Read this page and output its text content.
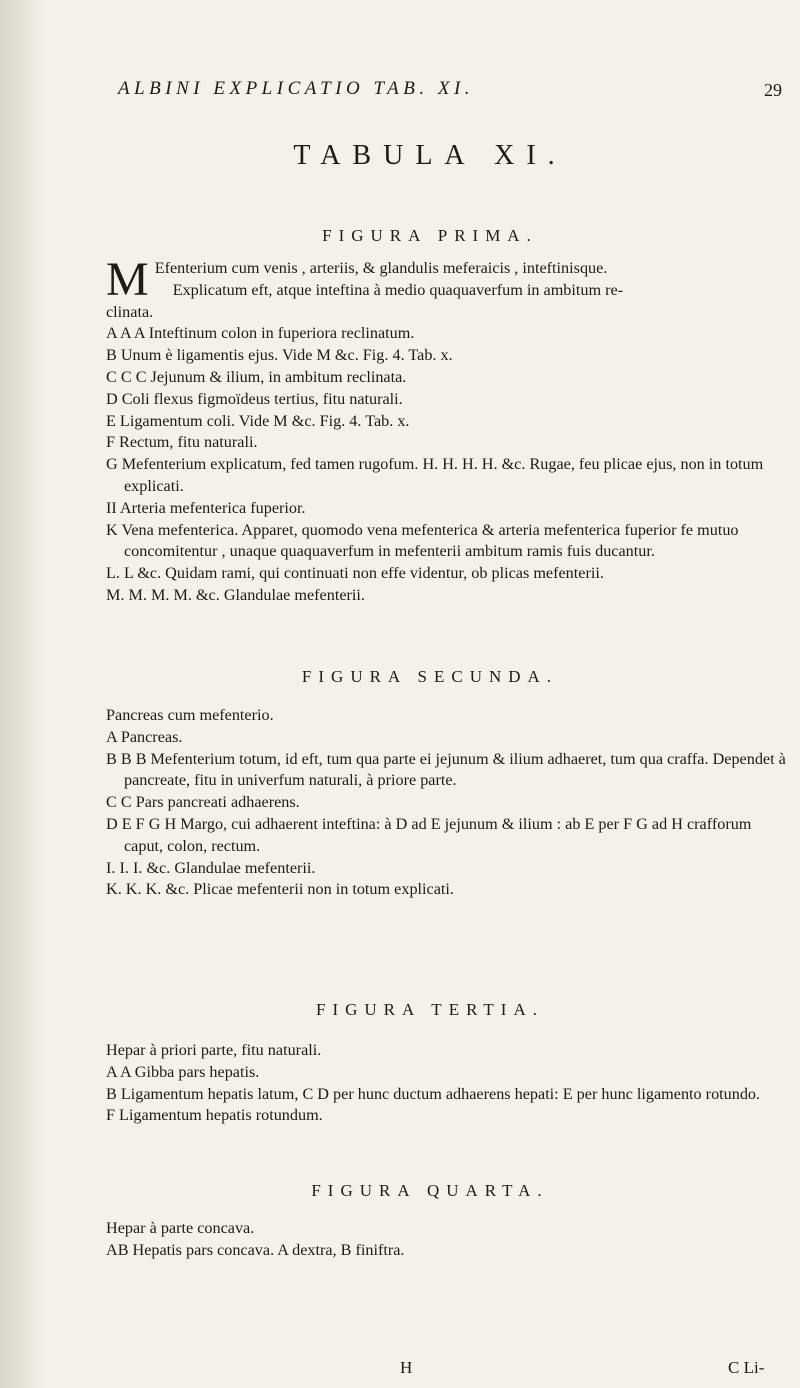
ALBINI EXPLICATIO TAB. XI.	29
TABULA XI.
FIGURA PRIMA.

M Efenterium cum venis , arteriis, & glandulis meferaicis , inteftinisque.
Explicatum eft, atque inteftina à medio quaquaverfum in ambitum re-
clinata.

A A A Inteftinum colon in fuperiora reclinatum.

B Unum è ligamentis ejus. Vide M &c. Fig. 4. Tab. x.

C C C Jejunum & ilium, in ambitum reclinata.

D Coli flexus figmoïdeus tertius, fitu naturali.

E Ligamentum coli. Vide M &c. Fig. 4. Tab. x.

F Rectum, fitu naturali.

G Mefenterium explicatum, fed tamen rugofum. H. H. H. H. &c. Rugae, feu plicae ejus, non in totum explicati.

II Arteria mefenterica fuperior.

K Vena mefenterica. Apparet, quomodo vena mefenterica & arteria mefenterica fuperior fe mutuo concomitentur , unaque quaquaverfum in mefenterii ambitum ramis fuis ducantur.

L. L &c. Quidam rami, qui continuati non effe videntur, ob plicas mefenterii.

M. M. M. M. &c. Glandulae mefenterii.

FIGURA SECUNDA.

Pancreas cum mefenterio.

A Pancreas.

B B B Mefenterium totum, id eft, tum qua parte ei jejunum & ilium adhaeret, tum qua craffa. Dependet à pancreate, fitu in univerfum naturali, à priore parte.

C C Pars pancreati adhaerens.

D E F G H Margo, cui adhaerent inteftina: à D ad E jejunum & ilium : ab E per F G ad H crafforum caput, colon, rectum.

I. I. I. &c. Glandulae mefenterii.

K. K. K. &c. Plicae mefenterii non in totum explicati.

FIGURA TERTIA.

Hepar à priori parte, fitu naturali.

A A Gibba pars hepatis.

B Ligamentum hepatis latum, C D per hunc ductum adhaerens hepati: E per hunc ligamento rotundo.

F Ligamentum hepatis rotundum.

FIGURA QUARTA.

Hepar à parte concava.

AB Hepatis pars concava. A dextra, B finiftra.

H	C Li-
